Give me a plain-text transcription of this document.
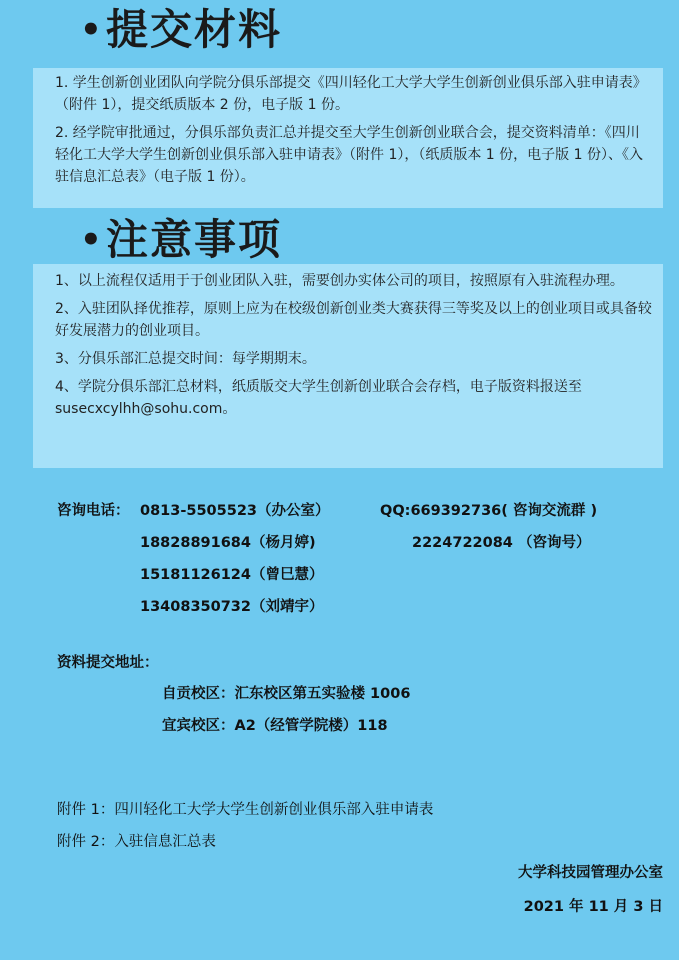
•提交材料

1. 学生创新创业团队向学院分俱乐部提交《四川轻化工大学大学生创新创业俱乐部入驻申请表》（附件 1），提交纸质版本 2 份，电子版 1 份。

2. 经学院审批通过，分俱乐部负责汇总并提交至大学生创新创业联合会，提交资料清单：《四川轻化工大学大学生创新创业俱乐部入驻申请表》（附件 1），（纸质版本 1 份，电子版 1 份）、《入驻信息汇总表》（电子版 1 份）。

•注意事项

1、以上流程仅适用于于创业团队入驻，需要创办实体公司的项目，按照原有入驻流程办理。

2、入驻团队择优推荐，原则上应为在校级创新创业类大赛获得三等奖及以上的创业项目或具备较好发展潜力的创业项目。

3、分俱乐部汇总提交时间：每学期期末。

4、学院分俱乐部汇总材料，纸质版交大学生创新创业联合会存档，电子版资料报送至 susecxcylhh@sohu.com。

咨询电话： 0813-5505523（办公室）
18828891684（杨月婷)
15181126124（曾巳慧）
13408350732（刘靖宇）
QQ:669392736( 咨询交流群 )
2224722084 （咨询号）
资料提交地址：
自贡校区：汇东校区第五实验楼 1006
宜宾校区：A2（经管学院楼）118
附件 1：四川轻化工大学大学生创新创业俱乐部入驻申请表
附件 2：入驻信息汇总表
大学科技园管理办公室
2021 年 11 月 3 日
